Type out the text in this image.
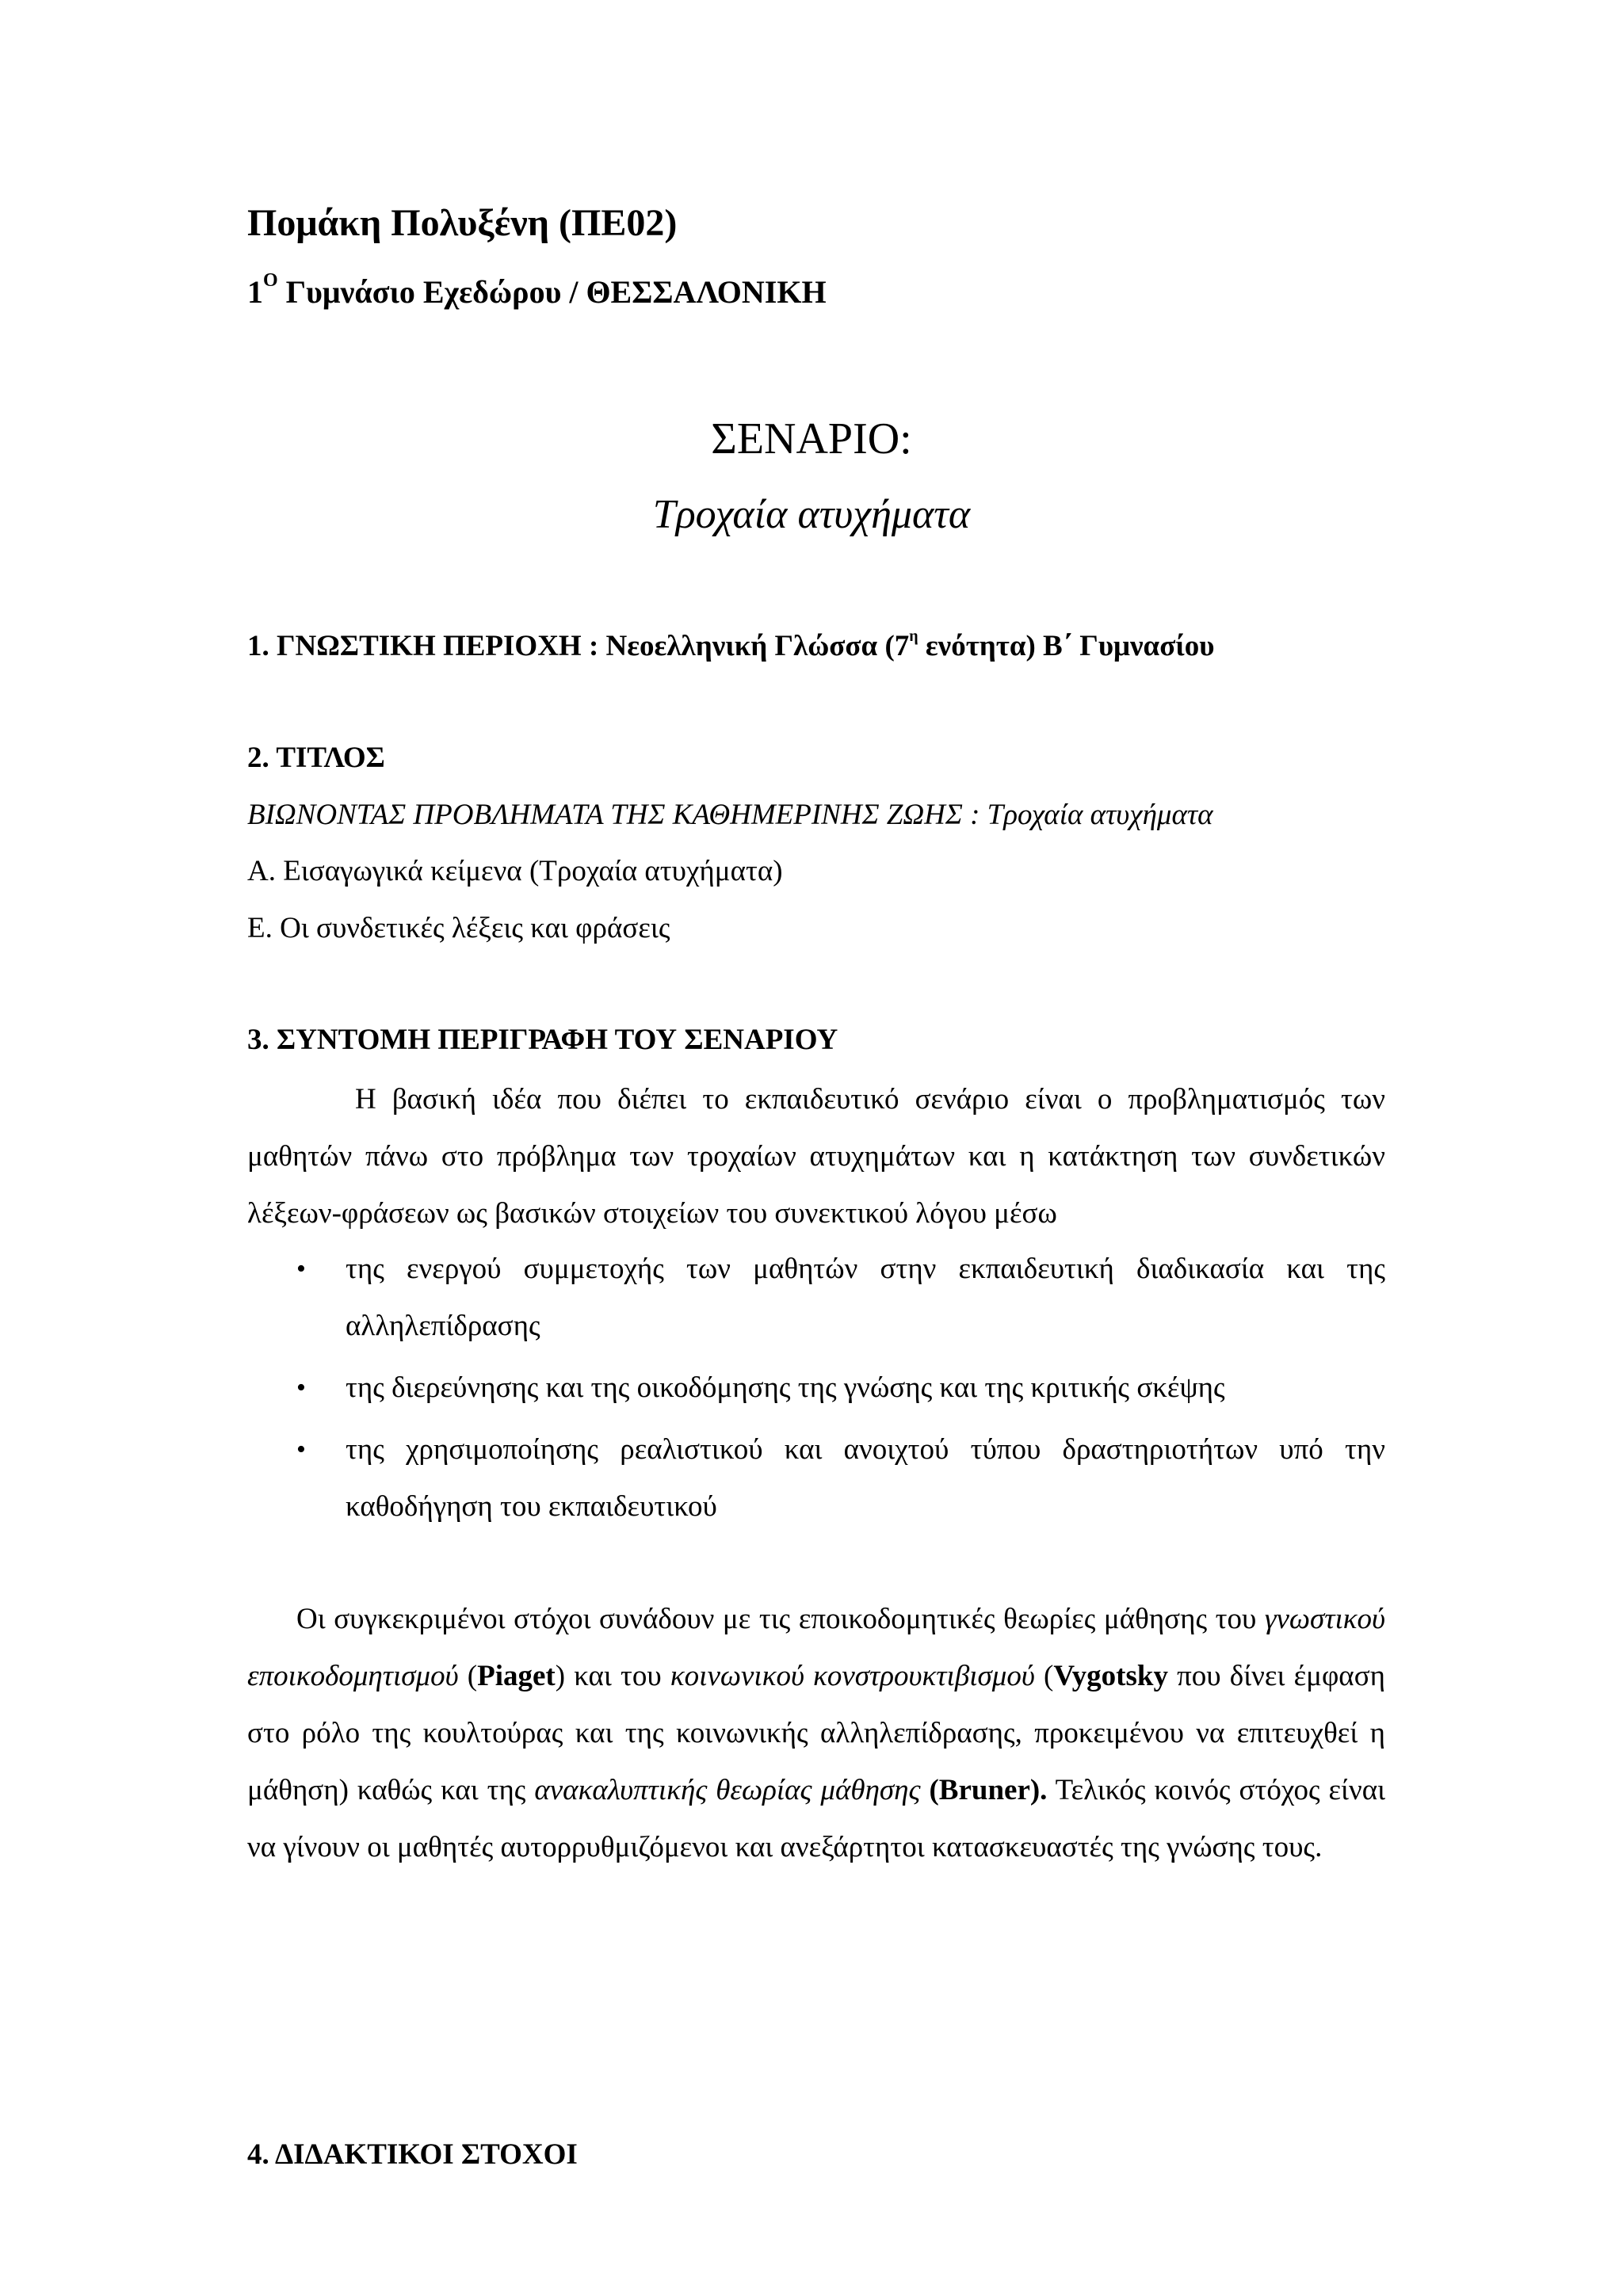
Πομάκη Πολυξένη (ΠΕ02)

$1^O$ Γυμνάσιο Εχεδώρου / ΘΕΣΣΑΛΟΝΙΚΗ

ΣΕΝΑΡΙΟ:

Τροχαία ατυχήματα

1. ΓΝΩΣΤΙΚΗ ΠΕΡΙΟΧΗ : Νεοελληνική Γλώσσα ($7^\eta$ ενότητα) Β΄ Γυμνασίου

2. ΤΙΤΛΟΣ

ΒΙΩΝΟΝΤΑΣ ΠΡΟΒΛΗΜΑΤΑ ΤΗΣ ΚΑΘΗΜΕΡΙΝΗΣ ΖΩΗΣ : Τροχαία ατυχήματα

Α. Εισαγωγικά κείμενα (Τροχαία ατυχήματα)

Ε. Οι συνδετικές λέξεις και φράσεις

3. ΣΥΝΤΟΜΗ ΠΕΡΙΓΡΑΦΗ ΤΟΥ ΣΕΝΑΡΙΟΥ

Η βασική ιδέα που διέπει το εκπαιδευτικό σενάριο είναι ο προβληματισμός των μαθητών πάνω στο πρόβλημα των τροχαίων ατυχημάτων και η κατάκτηση των συνδετικών λέξεων-φράσεων ως βασικών στοιχείων του συνεκτικού λόγου μέσω

• της ενεργού συμμετοχής των μαθητών στην εκπαιδευτική διαδικασία και της αλληλεπίδρασης
• της διερεύνησης και της οικοδόμησης της γνώσης και της κριτικής σκέψης
• της χρησιμοποίησης ρεαλιστικού και ανοιχτού τύπου δραστηριοτήτων υπό την καθοδήγηση του εκπαιδευτικού

Οι συγκεκριμένοι στόχοι συνάδουν με τις εποικοδομητικές θεωρίες μάθησης του γνωστικού εποικοδομητισμού (Piaget) και του κοινωνικού κονστρουκτιβισμού (Vygotsky που δίνει έμφαση στο ρόλο της κουλτούρας και της κοινωνικής αλληλεπίδρασης, προκειμένου να επιτευχθεί η μάθηση) καθώς και της ανακαλυπτικής θεωρίας μάθησης (Bruner). Τελικός κοινός στόχος είναι να γίνουν οι μαθητές αυτορρυθμιζόμενοι και ανεξάρτητοι κατασκευαστές της γνώσης τους.

4. ΔΙΔΑΚΤΙΚΟΙ ΣΤΟΧΟΙ
